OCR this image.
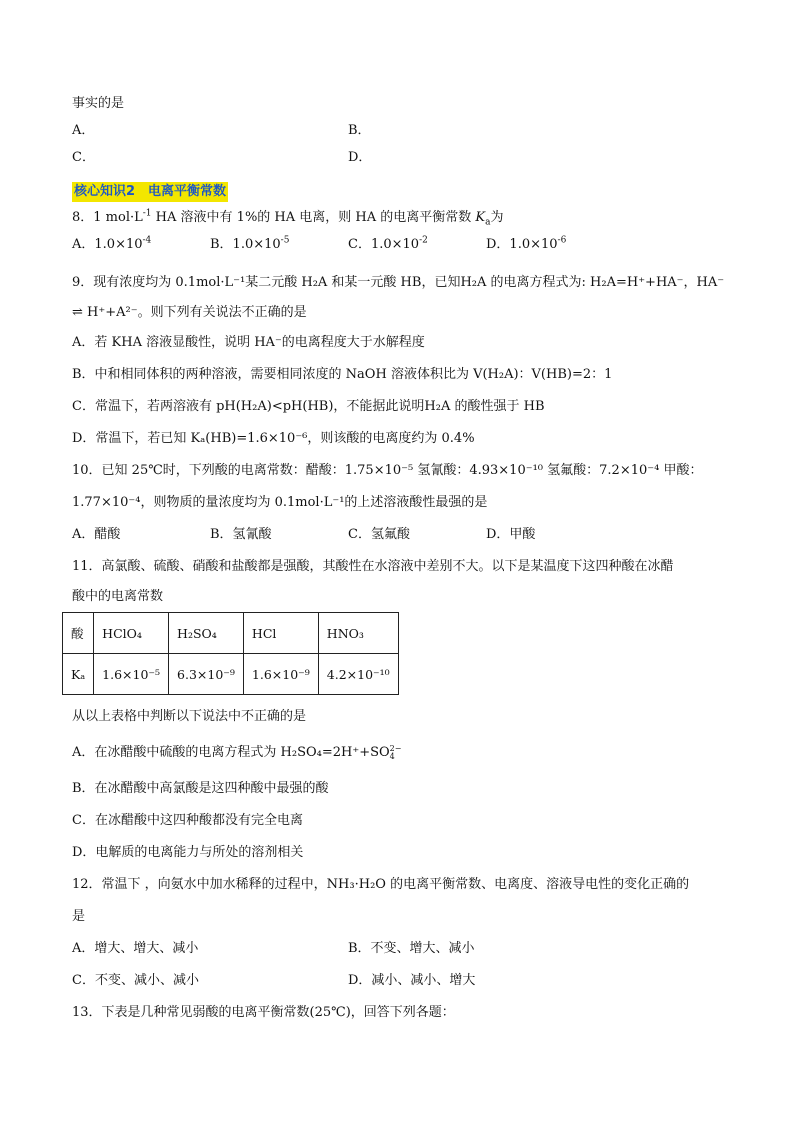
事实的是
A．	B．
C．	D．
核心知识2　电离平衡常数
8．1 $mol\cdot L^{-1}$ HA 溶液中有 1%的 HA 电离，则 HA 的电离平衡常数 $K_a$为
A．$1.0\times 10^{-4}$	B．$1.0\times 10^{-5}$	C．$1.0\times 10^{-2}$	D．$1.0\times 10^{-6}$
9．现有浓度均为 0.1mol·L⁻¹某二元酸 H₂A 和某一元酸 HB，已知H₂A 的电离方程式为: H₂A=H⁺+HA⁻，HA⁻
⇌ H⁺+A²⁻。则下列有关说法不正确的是
A．若 KHA 溶液显酸性，说明 HA⁻的电离程度大于水解程度
B．中和相同体积的两种溶液，需要相同浓度的 NaOH 溶液体积比为 V(H₂A)：V(HB)=2：1
C．常温下，若两溶液有 pH(H₂A)<pH(HB)，不能据此说明H₂A 的酸性强于 HB
D．常温下，若已知 Kₐ(HB)=1.6×10⁻⁶，则该酸的电离度约为 0.4%
10．已知 25℃时，下列酸的电离常数：醋酸：1.75×10⁻⁵ 氢氰酸：4.93×10⁻¹⁰ 氢氟酸：7.2×10⁻⁴ 甲酸：
1.77×10⁻⁴，则物质的量浓度均为 0.1mol·L⁻¹的上述溶液酸性最强的是
A．醋酸	B．氢氰酸	C．氢氟酸	D．甲酸
11．高氯酸、硫酸、硝酸和盐酸都是强酸，其酸性在水溶液中差别不大。以下是某温度下这四种酸在冰醋
酸中的电离常数
酸	HClO₄	H₂SO₄	HCl	HNO₃
Kₐ	1.6×10⁻⁵	6.3×10⁻⁹	1.6×10⁻⁹	4.2×10⁻¹⁰
从以上表格中判断以下说法中不正确的是
A．在冰醋酸中硫酸的电离方程式为 H₂SO₄=2H⁺+SO 2−
4
B．在冰醋酸中高氯酸是这四种酸中最强的酸
C．在冰醋酸中这四种酸都没有完全电离
D．电解质的电离能力与所处的溶剂相关
12．常温下 ，向氨水中加水稀释的过程中，NH₃·H₂O 的电离平衡常数、电离度、溶液导电性的变化正确的
是
A．增大、增大、减小	B．不变、增大、减小
C．不变、减小、减小	D．减小、减小、增大
13．下表是几种常见弱酸的电离平衡常数(25℃)，回答下列各题：
